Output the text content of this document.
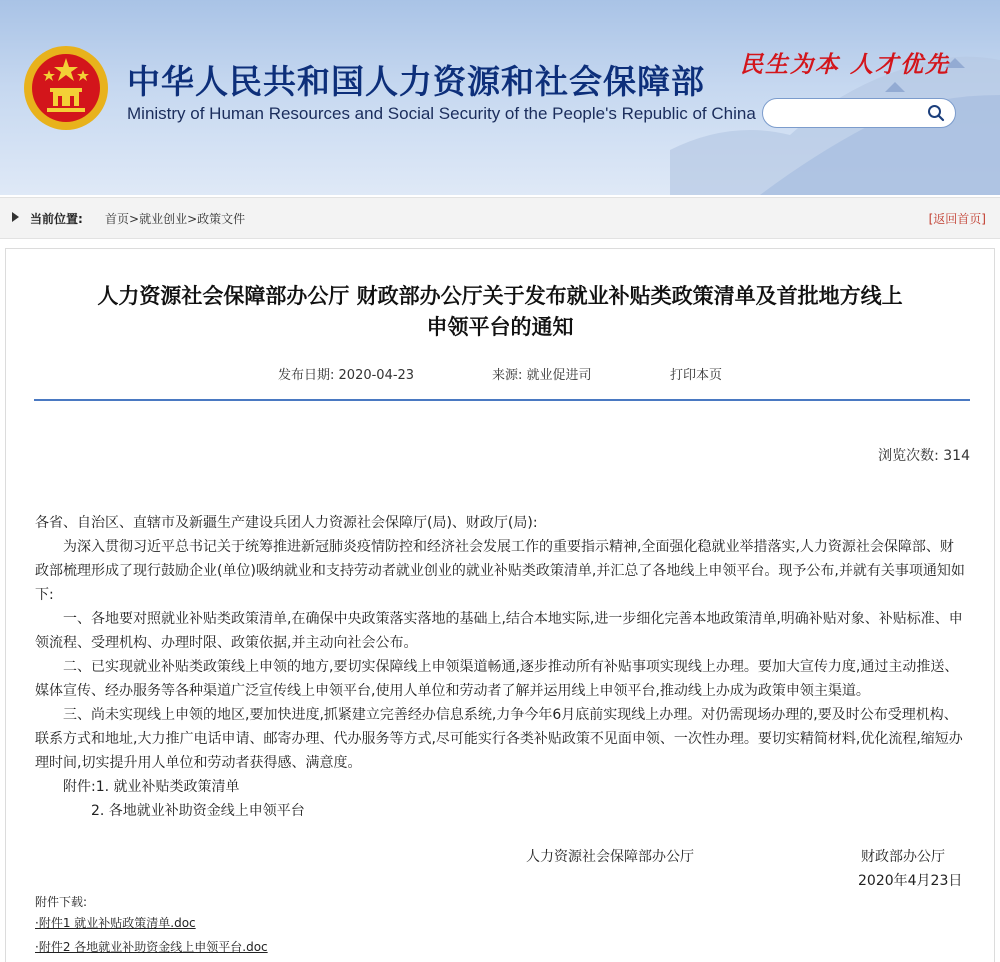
中华人民共和国人力资源和社会保障部
Ministry of Human Resources and Social Security of the People's Republic of China
民生为本 人才优先
当前位置: 首页>就业创业>政策文件	[返回首页]
人力资源社会保障部办公厅 财政部办公厅关于发布就业补贴类政策清单及首批地方线上
申领平台的通知
发布日期: 2020-04-23	来源: 就业促进司	打印本页
浏览次数: 314

各省、自治区、直辖市及新疆生产建设兵团人力资源社会保障厅(局)、财政厅(局):

为深入贯彻习近平总书记关于统筹推进新冠肺炎疫情防控和经济社会发展工作的重要指示精神,全面强化稳就业举措落实,人力资源社会保障部、财政部梳理形成了现行鼓励企业(单位)吸纳就业和支持劳动者就业创业的就业补贴类政策清单,并汇总了各地线上申领平台。现予公布,并就有关事项通知如下:

一、各地要对照就业补贴类政策清单,在确保中央政策落实落地的基础上,结合本地实际,进一步细化完善本地政策清单,明确补贴对象、补贴标准、申领流程、受理机构、办理时限、政策依据,并主动向社会公布。

二、已实现就业补贴类政策线上申领的地方,要切实保障线上申领渠道畅通,逐步推动所有补贴事项实现线上办理。要加大宣传力度,通过主动推送、媒体宣传、经办服务等各种渠道广泛宣传线上申领平台,使用人单位和劳动者了解并运用线上申领平台,推动线上办成为政策申领主渠道。

三、尚未实现线上申领的地区,要加快进度,抓紧建立完善经办信息系统,力争今年6月底前实现线上办理。对仍需现场办理的,要及时公布受理机构、联系方式和地址,大力推广电话申请、邮寄办理、代办服务等方式,尽可能实行各类补贴政策不见面申领、一次性办理。要切实精简材料,优化流程,缩短办理时间,切实提升用人单位和劳动者获得感、满意度。

附件:1. 就业补贴类政策清单

2. 各地就业补助资金线上申领平台

人力资源社会保障部办公厅	财政部办公厅
2020年4月23日
附件下载:
·附件1 就业补贴政策清单.doc
·附件2 各地就业补助资金线上申领平台.doc
